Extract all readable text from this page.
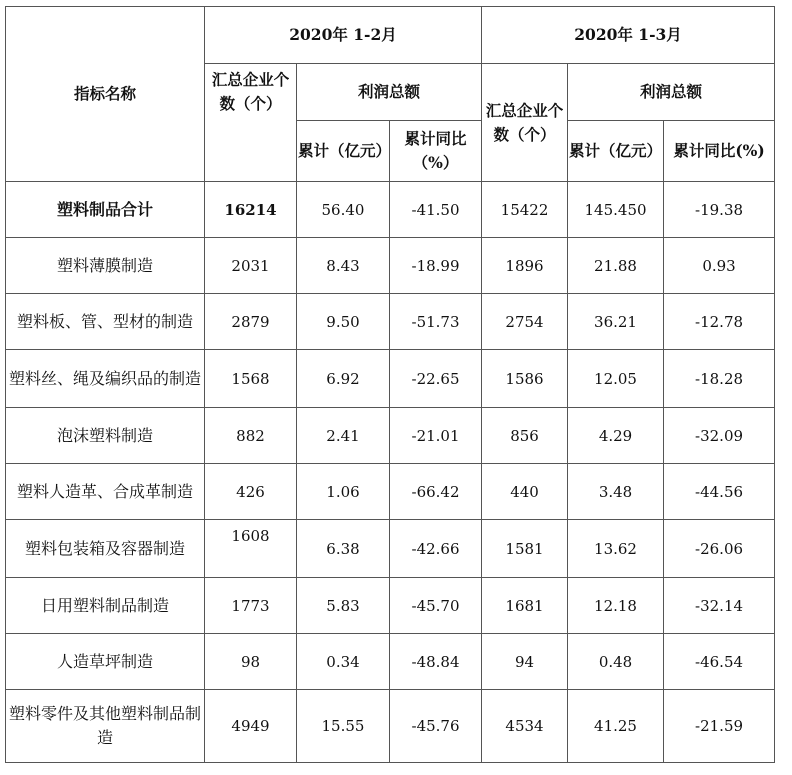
指标名称	2020年 1-2月			2020年 1-3月		
	汇总企业个数（个）	利润总额		汇总企业个数（个）	利润总额	
		累计（亿元）	累计同比（%）		累计（亿元）	累计同比(%)
塑料制品合计	16214	56.40	-41.50	15422	145.450	-19.38
塑料薄膜制造	2031	8.43	-18.99	1896	21.88	0.93
塑料板、管、型材的制造	2879	9.50	-51.73	2754	36.21	-12.78
塑料丝、绳及编织品的制造	1568	6.92	-22.65	1586	12.05	-18.28
泡沫塑料制造	882	2.41	-21.01	856	4.29	-32.09
塑料人造革、合成革制造	426	1.06	-66.42	440	3.48	-44.56
塑料包装箱及容器制造	1608	6.38	-42.66	1581	13.62	-26.06
日用塑料制品制造	1773	5.83	-45.70	1681	12.18	-32.14
人造草坪制造	98	0.34	-48.84	94	0.48	-46.54
塑料零件及其他塑料制品制造	4949	15.55	-45.76	4534	41.25	-21.59
